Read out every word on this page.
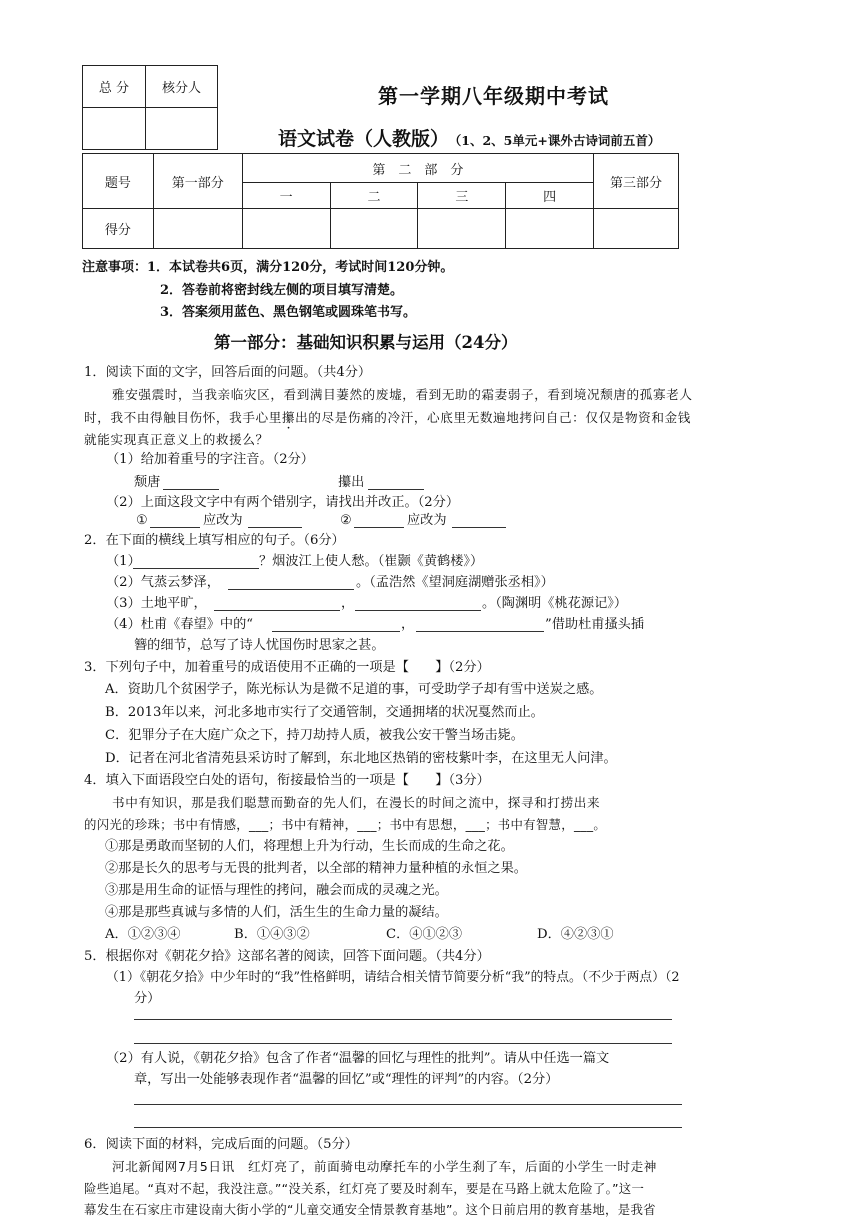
总 分	核分人
		第一学期八年级期中考试
语文试卷（人教版） （1、2、5单元+课外古诗词前五首）
题号	第一部分	第　二　部　分				第三部分
		一	二	三	四	
得分						
注意事项：1．本试卷共6页，满分120分，考试时间120分钟。
2．答卷前将密封线左侧的项目填写清楚。
3．答案须用蓝色、黑色钢笔或圆珠笔书写。
第一部分：基础知识积累与运用（24分）
1．阅读下面的文字，回答后面的问题。（共4分）
雅安强震时，当我亲临灾区，看到满目萋然的废墟，看到无助的霜妻弱子，看到境况颓唐的孤寡老人
时，我不由得触目伤怀，我手心里攥出的尽是伤痛的冷汗，心底里无数遍地拷问自己：仅仅是物资和金钱
就能实现真正意义上的救援么？
（1）给加着重号的字注音。（2分）
颓唐	攥出
（2）上面这段文字中有两个错别字，请找出并改正。（2分）
①	应改为	②	应改为
2．在下面的横线上填写相应的句子。（6分）
（1）	？烟波江上使人愁。（崔颢《黄鹤楼》）
（2）气蒸云梦泽，	。（孟浩然《望洞庭湖赠张丞相》）
（3）土地平旷，	，	。（陶渊明《桃花源记》）
（4）杜甫《春望》中的“	，	”借助杜甫搔头插
簪的细节，总写了诗人忧国伤时思家之甚。
3．下列句子中，加着重号的成语使用不正确的一项是【　　】（2分）
A．资助几个贫困学子，陈光标认为是微不足道的事，可受助学子却有雪中送炭之感。
B．2013年以来，河北多地市实行了交通管制，交通拥堵的状况戛然而止。
C．犯罪分子在大庭广众之下，持刀劫持人质，被我公安干警当场击毙。
D．记者在河北省清苑县采访时了解到，东北地区热销的密枝紫叶李，在这里无人问津。
4．填入下面语段空白处的语句，衔接最恰当的一项是【　　】（3分）
书中有知识，那是我们聪慧而勤奋的先人们，在漫长的时间之流中，探寻和打捞出来
的闪光的珍珠；书中有情感，___；书中有精神，___；书中有思想，___；书中有智慧，___。
①那是勇敢而坚韧的人们，将理想上升为行动，生长而成的生命之花。
②那是长久的思考与无畏的批判者，以全部的精神力量种植的永恒之果。
③那是用生命的证悟与理性的拷问，融会而成的灵魂之光。
④那是那些真诚与多情的人们，活生生的生命力量的凝结。
A．①②③④	B．①④③②	C．④①②③	D．④②③①
5．根据你对《朝花夕拾》这部名著的阅读，回答下面问题。（共4分）
（1）《朝花夕拾》中少年时的“我”性格鲜明，请结合相关情节简要分析“我”的特点。（不少于两点）（2
分）
（2）有人说，《朝花夕拾》包含了作者“温馨的回忆与理性的批判”。请从中任选一篇文
章，写出一处能够表现作者“温馨的回忆”或“理性的评判”的内容。（2分）
6．阅读下面的材料，完成后面的问题。（5分）
河北新闻网7月5日讯　红灯亮了，前面骑电动摩托车的小学生刹了车，后面的小学生一时走神
险些追尾。“真对不起，我没注意。”“没关系，红灯亮了要及时刹车，要是在马路上就太危险了。”这一
幕发生在石家庄市建设南大街小学的“儿童交通安全情景教育基地”。这个日前启用的教育基地，是我省
